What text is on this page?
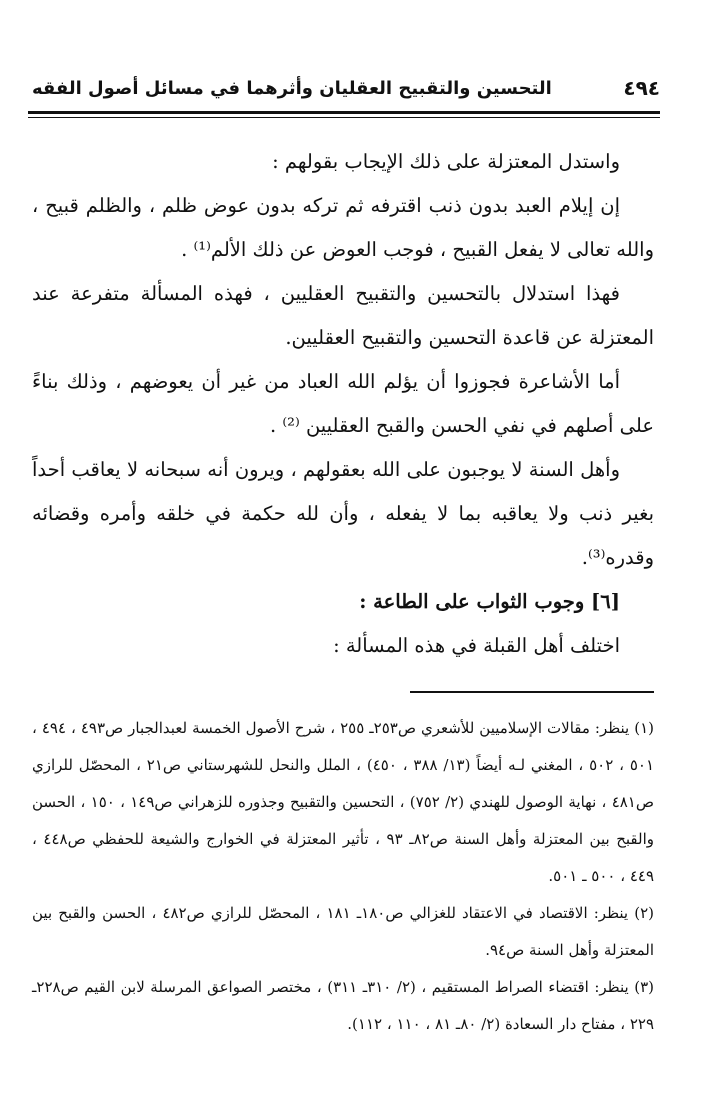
٤٩٤
التحسين والتقبيح العقليان وأثرهما في مسائل أصول الفقه

واستدل المعتزلة على ذلك الإيجاب بقولهم :

إن إيلام العبد بدون ذنب اقترفه ثم تركه بدون عوض ظلم ، والظلم قبيح ، والله تعالى لا يفعل القبيح ، فوجب العوض عن ذلك الألم⁽¹⁾ .

فهذا استدلال بالتحسين والتقبيح العقليين ، فهذه المسألة متفرعة عند المعتزلة عن قاعدة التحسين والتقبيح العقليين.

أما الأشاعرة فجوزوا أن يؤلم الله العباد من غير أن يعوضهم ، وذلك بناءً على أصلهم في نفي الحسن والقبح العقليين ⁽²⁾ .

وأهل السنة لا يوجبون على الله بعقولهم ، ويرون أنه سبحانه لا يعاقب أحداً بغير ذنب ولا يعاقبه بما لا يفعله ، وأن لله حكمة في خلقه وأمره وقضائه وقدره⁽³⁾.

[٦] وجوب الثواب على الطاعة :

اختلف أهل القبلة في هذه المسألة :

(١) ينظر: مقالات الإسلاميين للأشعري ص٢٥٣ـ ٢٥٥ ، شرح الأصول الخمسة لعبدالجبار ص٤٩٣ ، ٤٩٤ ، ٥٠١ ، ٥٠٢ ، المغني لـه أيضاً (١٣/ ٣٨٨ ، ٤٥٠) ، الملل والنحل للشهرستاني ص٢١ ، المحصّل للرازي ص٤٨١ ، نهاية الوصول للهندي (٢/ ٧٥٢) ، التحسين والتقبيح وجذوره للزهراني ص١٤٩ ، ١٥٠ ، الحسن والقبح بين المعتزلة وأهل السنة ص٨٢ـ ٩٣ ، تأثير المعتزلة في الخوارج والشيعة للحفظي ص٤٤٨ ، ٤٤٩ ، ٥٠٠ ـ ٥٠١.

(٢) ينظر: الاقتصاد في الاعتقاد للغزالي ص١٨٠ـ ١٨١ ، المحصّل للرازي ص٤٨٢ ، الحسن والقبح بين المعتزلة وأهل السنة ص٩٤.

(٣) ينظر: اقتضاء الصراط المستقيم ، (٢/ ٣١٠ـ ٣١١) ، مختصر الصواعق المرسلة لابن القيم ص٢٢٨ـ ٢٢٩ ، مفتاح دار السعادة (٢/ ٨٠ـ ٨١ ، ١١٠ ، ١١٢).
